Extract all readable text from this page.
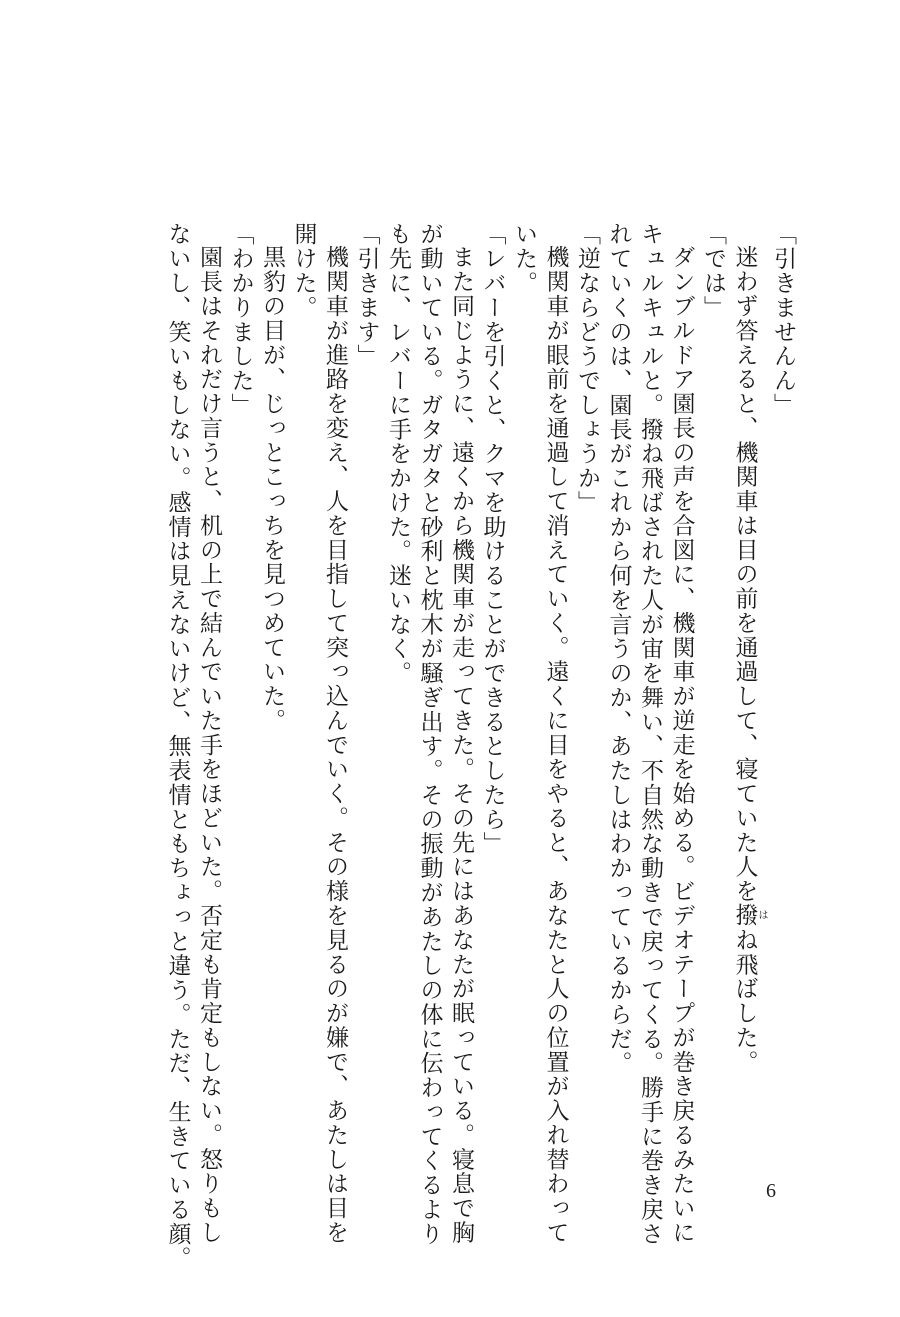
「引きませんん」

迷わず答えると、機関車は目の前を通過して、寝ていた人を撥はね飛ばした。

「では」

ダンブルドア園長の声を合図に、機関車が逆走を始める。ビデオテープが巻き戻るみたいに

キュルキュルと。撥ね飛ばされた人が宙を舞い、不自然な動きで戻ってくる。勝手に巻き戻さ

れていくのは、園長がこれから何を言うのか、あたしはわかっているからだ。

「逆ならどうでしょうか」

機関車が眼前を通過して消えていく。遠くに目をやると、あなたと人の位置が入れ替わって

いた。

「レバーを引くと、クマを助けることができるとしたら」

また同じように、遠くから機関車が走ってきた。その先にはあなたが眠っている。寝息で胸

が動いている。ガタガタと砂利と枕木が騒ぎ出す。その振動があたしの体に伝わってくるより

も先に、レバーに手をかけた。迷いなく。

「引きます」

機関車が進路を変え、人を目指して突っ込んでいく。その様を見るのが嫌で、あたしは目を

開けた。

黒豹の目が、じっとこっちを見つめていた。

「わかりました」

園長はそれだけ言うと、机の上で結んでいた手をほどいた。否定も肯定もしない。怒りもし

ないし、笑いもしない。感情は見えないけど、無表情ともちょっと違う。ただ、生きている顔。	6
